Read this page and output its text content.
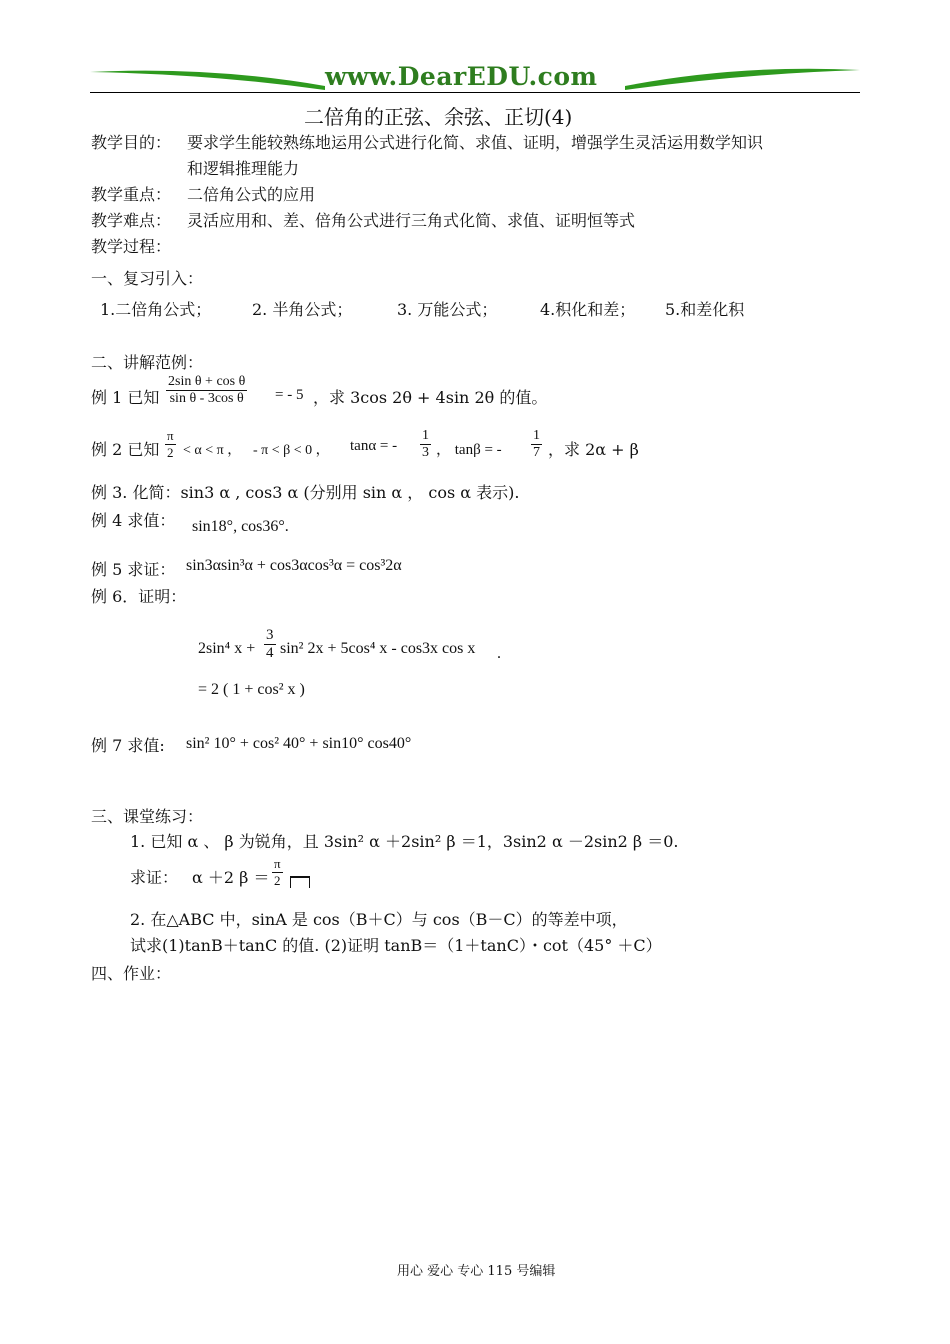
www.DearEDU.com
二倍角的正弦、余弦、正切(4)
教学目的： 要求学生能较熟练地运用公式进行化简、求值、证明，增强学生灵活运用数学知识
和逻辑推理能力
教学重点： 二倍角公式的应用
教学难点： 灵活应用和、差、倍角公式进行三角式化简、求值、证明恒等式
教学过程：
一、复习引入：
1.二倍角公式；	2. 半角公式；	3. 万能公式；	4.积化和差； 5.和差化积
二、讲解范例：
例 1 已知 $\frac{\text{2sin θ + cos θ}}{\text{sin θ - 3cos θ}}$ = - 5 ，求 3cos 2θ + 4sin 2θ 的值。
例 2 已知 $\frac{\pi}{2} < \alpha < \pi$ ， - π < β < 0 ， tanα = - $\frac{1}{3}$ ， tanβ = - $\frac{1}{7}$ ，求 2α + β
例 3. 化简：sin3 α , cos3 α (分别用 sin α ， cos α 表示).
例 4 求值： sin18°, cos36°.
例 5 求证： sin3αsin³α + cos3αcos³α = cos³2α
例 6．证明：
2sin⁴ $x + \frac{3}{4} \sin^2$ 2x + 5cos⁴ x - cos3x cos x .
= 2 ( 1 + cos² x )
例 7 求值: sin² 10° + cos² 40° + sin10° cos40°
三、课堂练习：
1. 已知 α 、 β 为锐角，且 3sin² α ＋2sin² β ＝1，3sin2 α －2sin2 β ＝0.
求证： α ＋2 $\beta = \frac{\pi}{2}$
2. 在△ABC 中，sinA 是 cos（B＋C）与 cos（B－C）的等差中项，
试求(1)tanB＋tanC 的值. (2)证明 tanB＝（1＋tanC）・cot（45° ＋C）
四、作业：
用心 爱心 专心 115 号编辑
